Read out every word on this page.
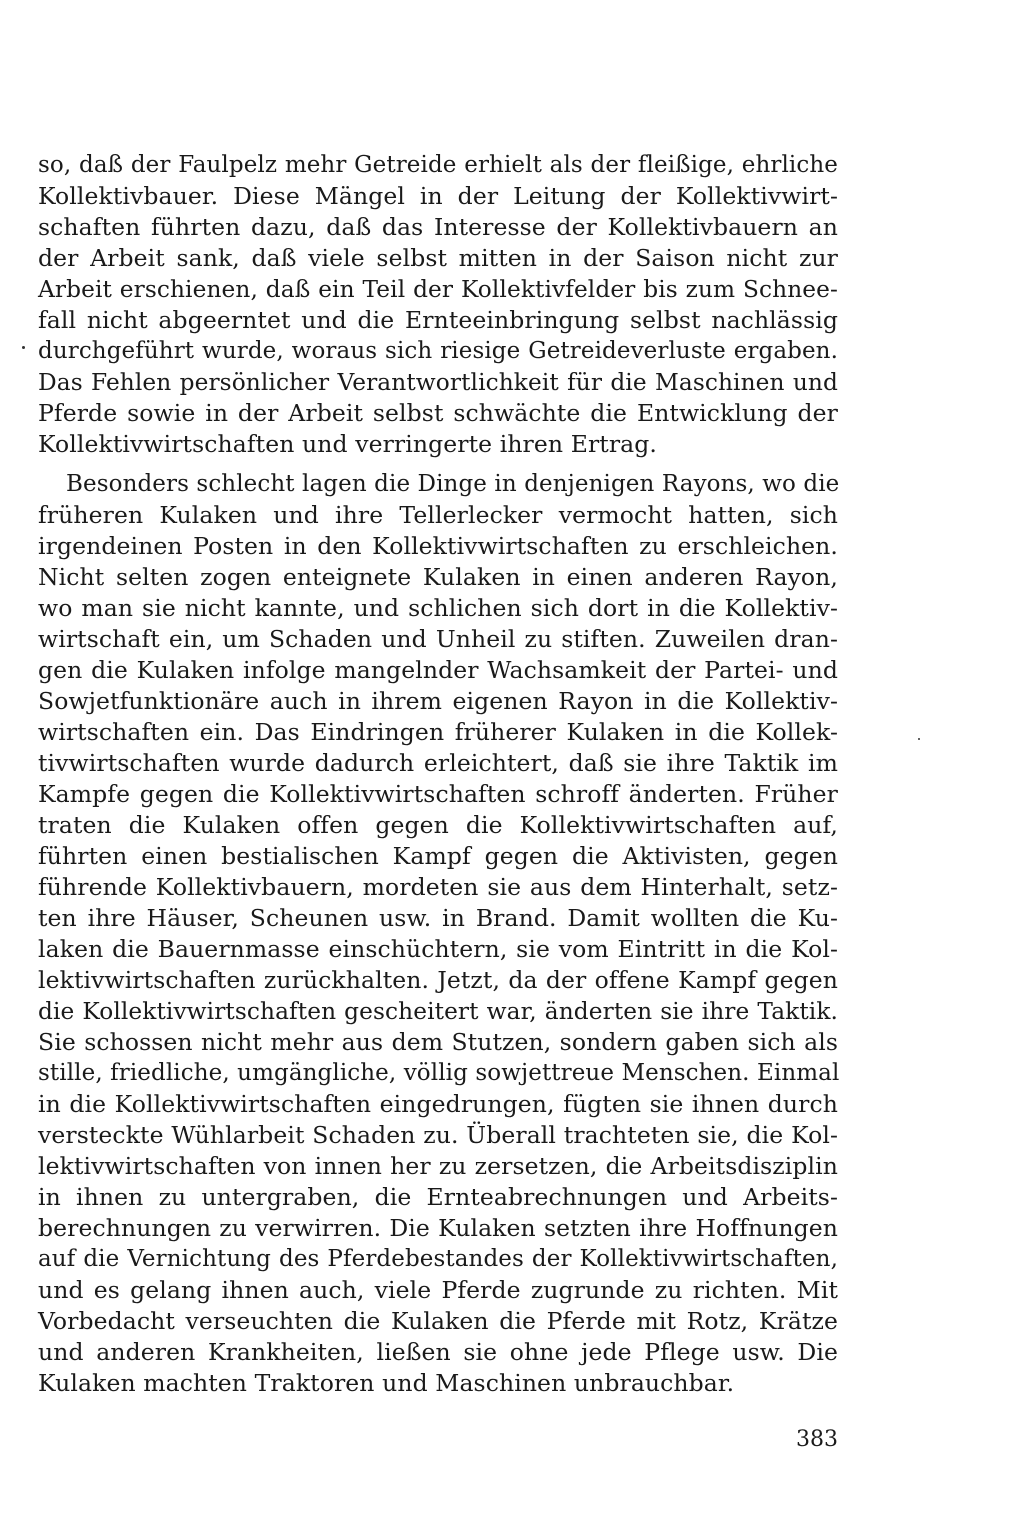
so, daß der Faulpelz mehr Getreide erhielt als der fleißige, ehrliche
Kollektivbauer. Diese Mängel in der Leitung der Kollektivwirt-
schaften führten dazu, daß das Interesse der Kollektivbauern an
der Arbeit sank, daß viele selbst mitten in der Saison nicht zur
Arbeit erschienen, daß ein Teil der Kollektivfelder bis zum Schnee-
fall nicht abgeerntet und die Ernteeinbringung selbst nachlässig
durchgeführt wurde, woraus sich riesige Getreideverluste ergaben.
Das Fehlen persönlicher Verantwortlichkeit für die Maschinen und
Pferde sowie in der Arbeit selbst schwächte die Entwicklung der
Kollektivwirtschaften und verringerte ihren Ertrag.
Besonders schlecht lagen die Dinge in denjenigen Rayons, wo die
früheren Kulaken und ihre Tellerlecker vermocht hatten, sich
irgendeinen Posten in den Kollektivwirtschaften zu erschleichen.
Nicht selten zogen enteignete Kulaken in einen anderen Rayon,
wo man sie nicht kannte, und schlichen sich dort in die Kollektiv-
wirtschaft ein, um Schaden und Unheil zu stiften. Zuweilen dran-
gen die Kulaken infolge mangelnder Wachsamkeit der Partei- und
Sowjetfunktionäre auch in ihrem eigenen Rayon in die Kollektiv-
wirtschaften ein. Das Eindringen früherer Kulaken in die Kollek-
tivwirtschaften wurde dadurch erleichtert, daß sie ihre Taktik im
Kampfe gegen die Kollektivwirtschaften schroff änderten. Früher
traten die Kulaken offen gegen die Kollektivwirtschaften auf,
führten einen bestialischen Kampf gegen die Aktivisten, gegen
führende Kollektivbauern, mordeten sie aus dem Hinterhalt, setz-
ten ihre Häuser, Scheunen usw. in Brand. Damit wollten die Ku-
laken die Bauernmasse einschüchtern, sie vom Eintritt in die Kol-
lektivwirtschaften zurückhalten. Jetzt, da der offene Kampf gegen
die Kollektivwirtschaften gescheitert war, änderten sie ihre Taktik.
Sie schossen nicht mehr aus dem Stutzen, sondern gaben sich als
stille, friedliche, umgängliche, völlig sowjettreue Menschen. Einmal
in die Kollektivwirtschaften eingedrungen, fügten sie ihnen durch
versteckte Wühlarbeit Schaden zu. Überall trachteten sie, die Kol-
lektivwirtschaften von innen her zu zersetzen, die Arbeitsdisziplin
in ihnen zu untergraben, die Ernteabrechnungen und Arbeits-
berechnungen zu verwirren. Die Kulaken setzten ihre Hoffnungen
auf die Vernichtung des Pferdebestandes der Kollektivwirtschaften,
und es gelang ihnen auch, viele Pferde zugrunde zu richten. Mit
Vorbedacht verseuchten die Kulaken die Pferde mit Rotz, Krätze
und anderen Krankheiten, ließen sie ohne jede Pflege usw. Die
Kulaken machten Traktoren und Maschinen unbrauchbar.
383
